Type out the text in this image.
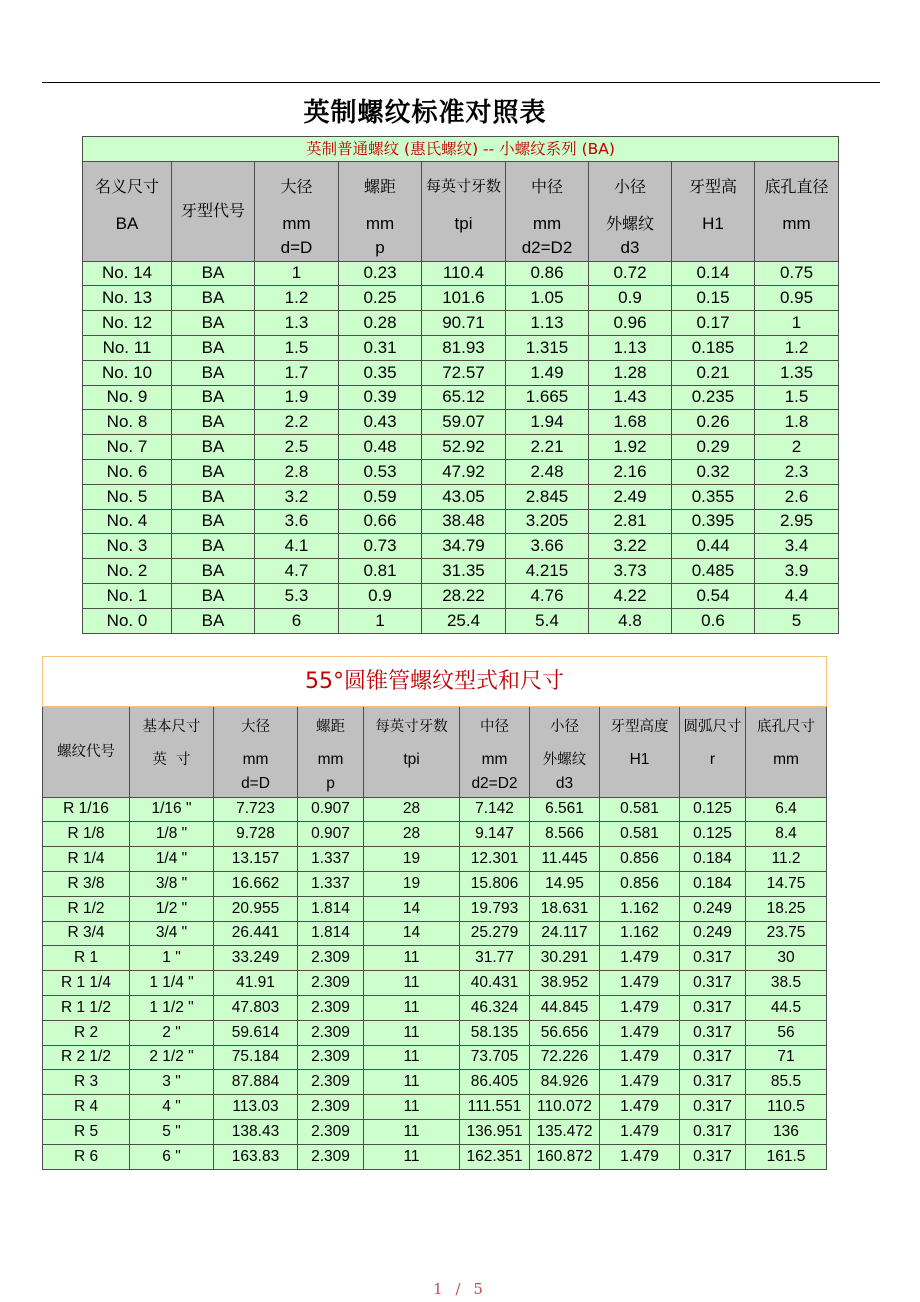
英制螺纹标准对照表
英制普通螺纹 (惠氏螺纹) -- 小螺纹系列 (BA)								
名义尺寸	牙型代号	大径	螺距	每英寸牙数	中径	小径	牙型高	底孔直径
BA		mm	mm	tpi	mm	外螺纹	H1	mm
		d=D	p		d2=D2	d3		
No. 14	BA	1	0.23	110.4	0.86	0.72	0.14	0.75
No. 13	BA	1.2	0.25	101.6	1.05	0.9	0.15	0.95
No. 12	BA	1.3	0.28	90.71	1.13	0.96	0.17	1
No. 11	BA	1.5	0.31	81.93	1.315	1.13	0.185	1.2
No. 10	BA	1.7	0.35	72.57	1.49	1.28	0.21	1.35
No. 9	BA	1.9	0.39	65.12	1.665	1.43	0.235	1.5
No. 8	BA	2.2	0.43	59.07	1.94	1.68	0.26	1.8
No. 7	BA	2.5	0.48	52.92	2.21	1.92	0.29	2
No. 6	BA	2.8	0.53	47.92	2.48	2.16	0.32	2.3
No. 5	BA	3.2	0.59	43.05	2.845	2.49	0.355	2.6
No. 4	BA	3.6	0.66	38.48	3.205	2.81	0.395	2.95
No. 3	BA	4.1	0.73	34.79	3.66	3.22	0.44	3.4
No. 2	BA	4.7	0.81	31.35	4.215	3.73	0.485	3.9
No. 1	BA	5.3	0.9	28.22	4.76	4.22	0.54	4.4
No. 0	BA	6	1	25.4	5.4	4.8	0.6	5
55°圆锥管螺纹型式和尺寸									
螺纹代号	基本尺寸	大径	螺距	每英寸牙数	中径	小径	牙型高度	圆弧尺寸	底孔尺寸
	英  寸	mm	mm	tpi	mm	外螺纹	H1	r	mm
		d=D	p		d2=D2	d3			
R 1/16	1/16 "	7.723	0.907	28	7.142	6.561	0.581	0.125	6.4
R 1/8	1/8 "	9.728	0.907	28	9.147	8.566	0.581	0.125	8.4
R 1/4	1/4 "	13.157	1.337	19	12.301	11.445	0.856	0.184	11.2
R 3/8	3/8 "	16.662	1.337	19	15.806	14.95	0.856	0.184	14.75
R 1/2	1/2 "	20.955	1.814	14	19.793	18.631	1.162	0.249	18.25
R 3/4	3/4 "	26.441	1.814	14	25.279	24.117	1.162	0.249	23.75
R 1	1 "	33.249	2.309	11	31.77	30.291	1.479	0.317	30
R 1 1/4	1 1/4 "	41.91	2.309	11	40.431	38.952	1.479	0.317	38.5
R 1 1/2	1 1/2 "	47.803	2.309	11	46.324	44.845	1.479	0.317	44.5
R 2	2 "	59.614	2.309	11	58.135	56.656	1.479	0.317	56
R 2 1/2	2 1/2 "	75.184	2.309	11	73.705	72.226	1.479	0.317	71
R 3	3 "	87.884	2.309	11	86.405	84.926	1.479	0.317	85.5
R 4	4 "	113.03	2.309	11	111.551	110.072	1.479	0.317	110.5
R 5	5 "	138.43	2.309	11	136.951	135.472	1.479	0.317	136
R 6	6 "	163.83	2.309	11	162.351	160.872	1.479	0.317	161.5
1 / 5
